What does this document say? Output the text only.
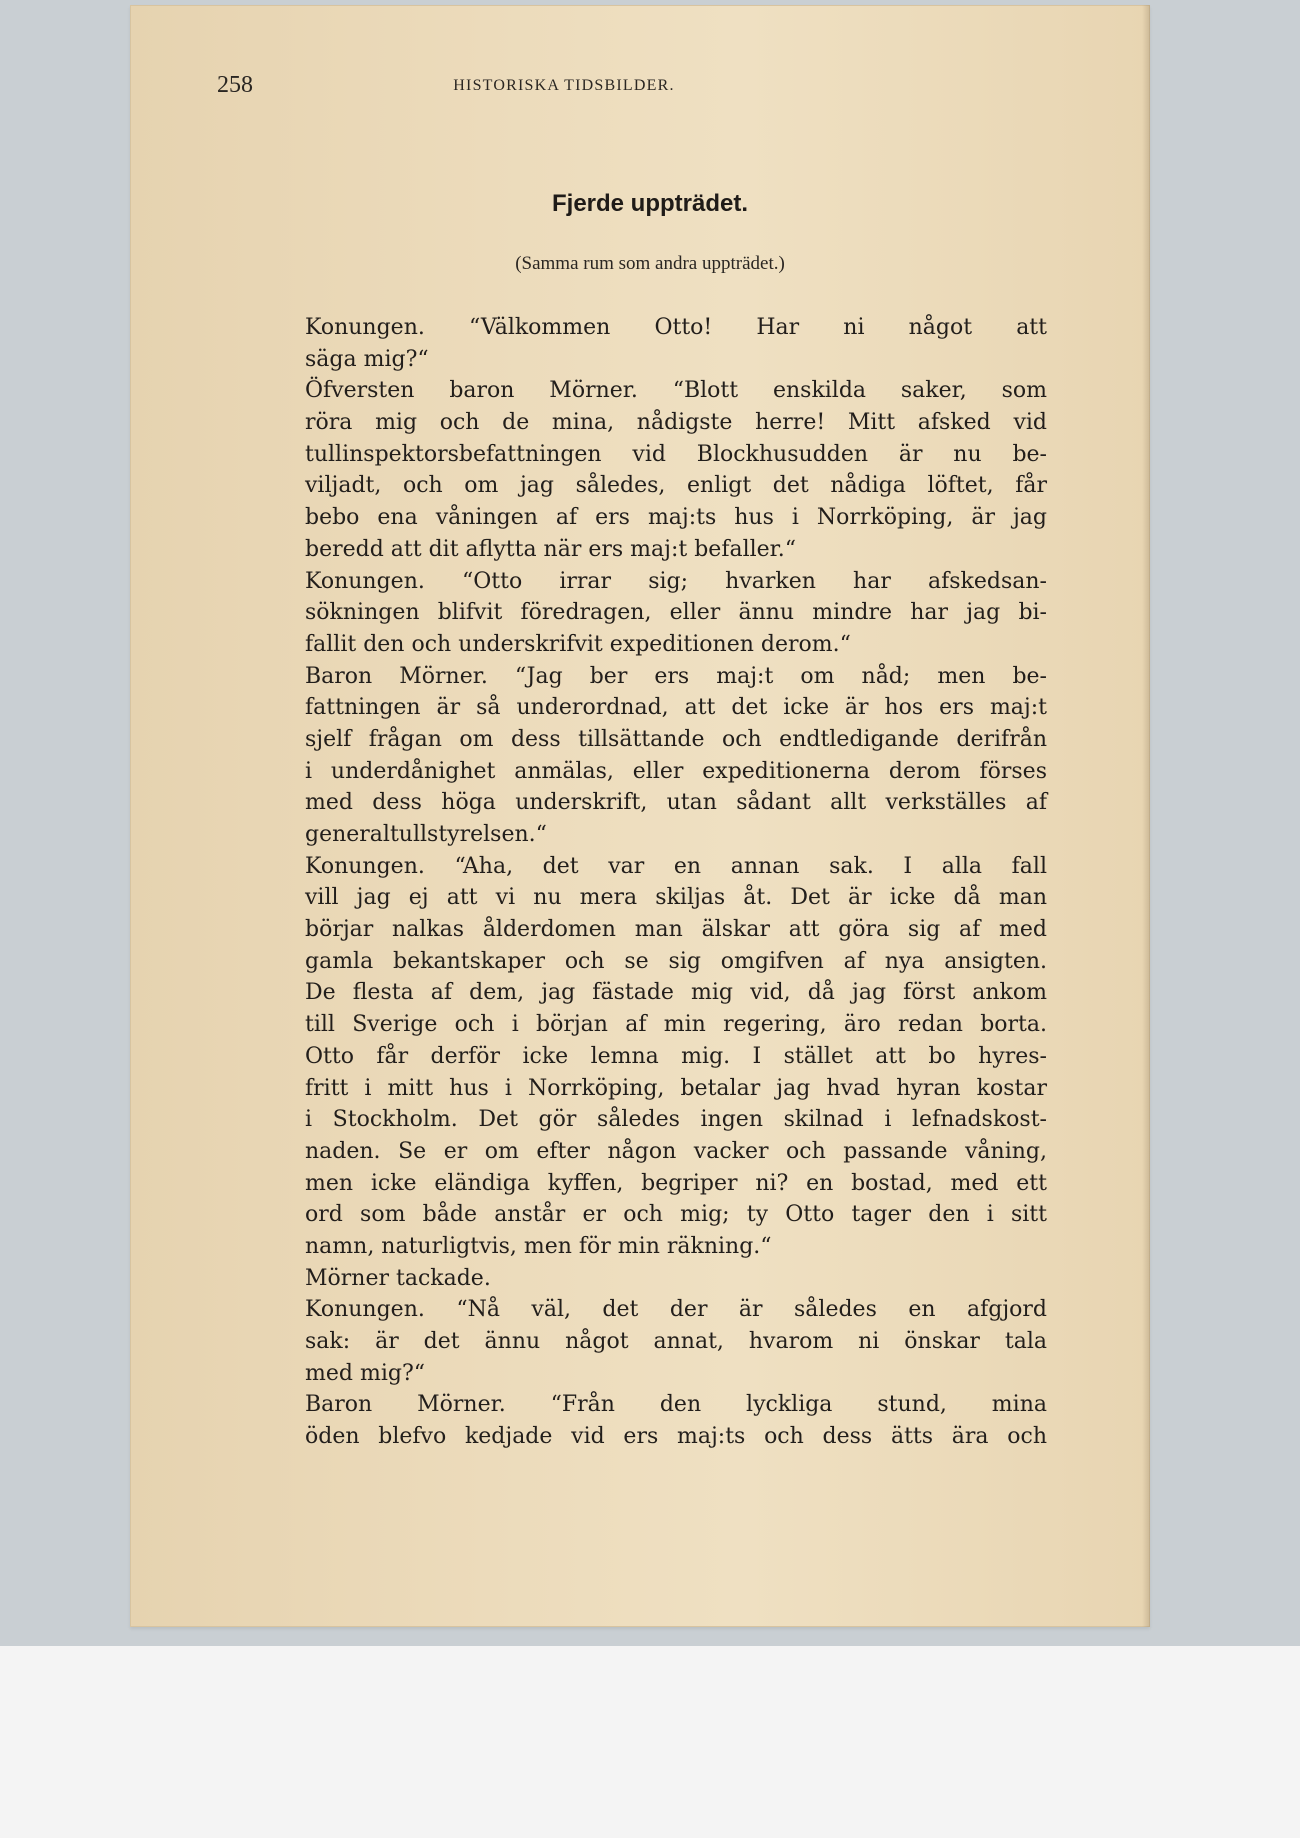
258	HISTORISKA TIDSBILDER.
Fjerde uppträdet.
(Samma rum som andra uppträdet.)
Konungen. “Välkommen Otto! Har ni något att
säga mig?“
Öfversten baron Mörner. “Blott enskilda saker, som
röra mig och de mina, nådigste herre! Mitt afsked vid
tullinspektorsbefattningen vid Blockhusudden är nu be-
viljadt, och om jag således, enligt det nådiga löftet, får
bebo ena våningen af ers maj:ts hus i Norrköping, är jag
beredd att dit aflytta när ers maj:t befaller.“
Konungen. “Otto irrar sig; hvarken har afskedsan-
sökningen blifvit föredragen, eller ännu mindre har jag bi-
fallit den och underskrifvit expeditionen derom.“
Baron Mörner. “Jag ber ers maj:t om nåd; men be-
fattningen är så underordnad, att det icke är hos ers maj:t
sjelf frågan om dess tillsättande och endtledigande derifrån
i underdånighet anmälas, eller expeditionerna derom förses
med dess höga underskrift, utan sådant allt verkställes af
generaltullstyrelsen.“
Konungen. “Aha, det var en annan sak. I alla fall
vill jag ej att vi nu mera skiljas åt. Det är icke då man
börjar nalkas ålderdomen man älskar att göra sig af med
gamla bekantskaper och se sig omgifven af nya ansigten.
De flesta af dem, jag fästade mig vid, då jag först ankom
till Sverige och i början af min regering, äro redan borta.
Otto får derför icke lemna mig. I stället att bo hyres-
fritt i mitt hus i Norrköping, betalar jag hvad hyran kostar
i Stockholm. Det gör således ingen skilnad i lefnadskost-
naden. Se er om efter någon vacker och passande våning,
men icke eländiga kyffen, begriper ni? en bostad, med ett
ord som både anstår er och mig; ty Otto tager den i sitt
namn, naturligtvis, men för min räkning.“
Mörner tackade.
Konungen. “Nå väl, det der är således en afgjord
sak: är det ännu något annat, hvarom ni önskar tala
med mig?“
Baron Mörner. “Från den lyckliga stund, mina
öden blefvo kedjade vid ers maj:ts och dess ätts ära och
